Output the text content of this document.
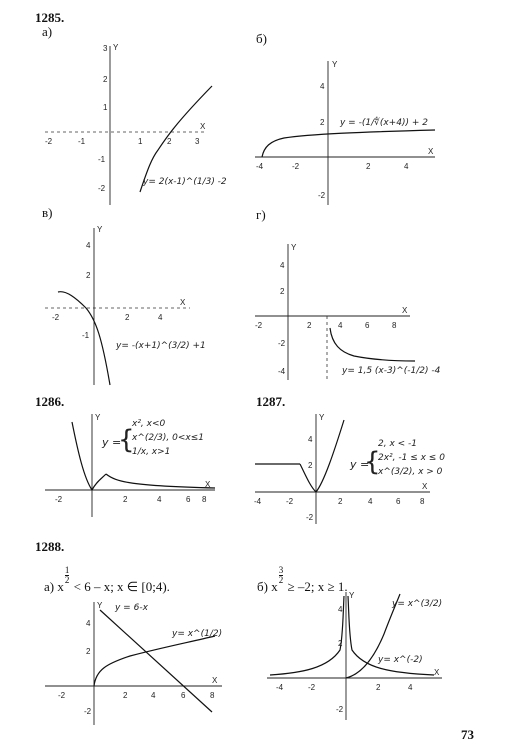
1285.
а)	б)
в)	г)
1286.	1287.
1288.
а) x
$\frac{1}{2}$
< 6 – x; x ∈ [0;4).	б) x
$\frac{3}{2}$
≥ –2; x ≥ 1.
Y
X
-2	-1	1	2	3
3
2
1
-1
-2
y= 2(x-1)^(1/3) -2
Y
X
-4	-2	2	4
4
2
-2
y = -(1/∜(x+4)) + 2
Y
X
-2	2	4
4
2
-1
y= -(x+1)^(3/2) +1
Y
X
-2	2	4	6	8
4
2
-2
-4	y= 1,5 (x-3)^(-1/2) -4
Y
X
-2	2	4	6 8
y =
{
x², x<0
x^(2/3), 0<x≤1
1/x, x>1
Y
X
-4	-2	2	4	6 8
4
2
-2
y =
{
2, x < -1
2x², -1 ≤ x ≤ 0
x^(3/2), x > 0
Y
X
-2	2	4	6	8
4
2
-2
y = 6-x
y= x^(1/2)
Y
X
-4	-2	2	4
4
2
-2
y= x^(3/2)
y= x^(-2)
73
